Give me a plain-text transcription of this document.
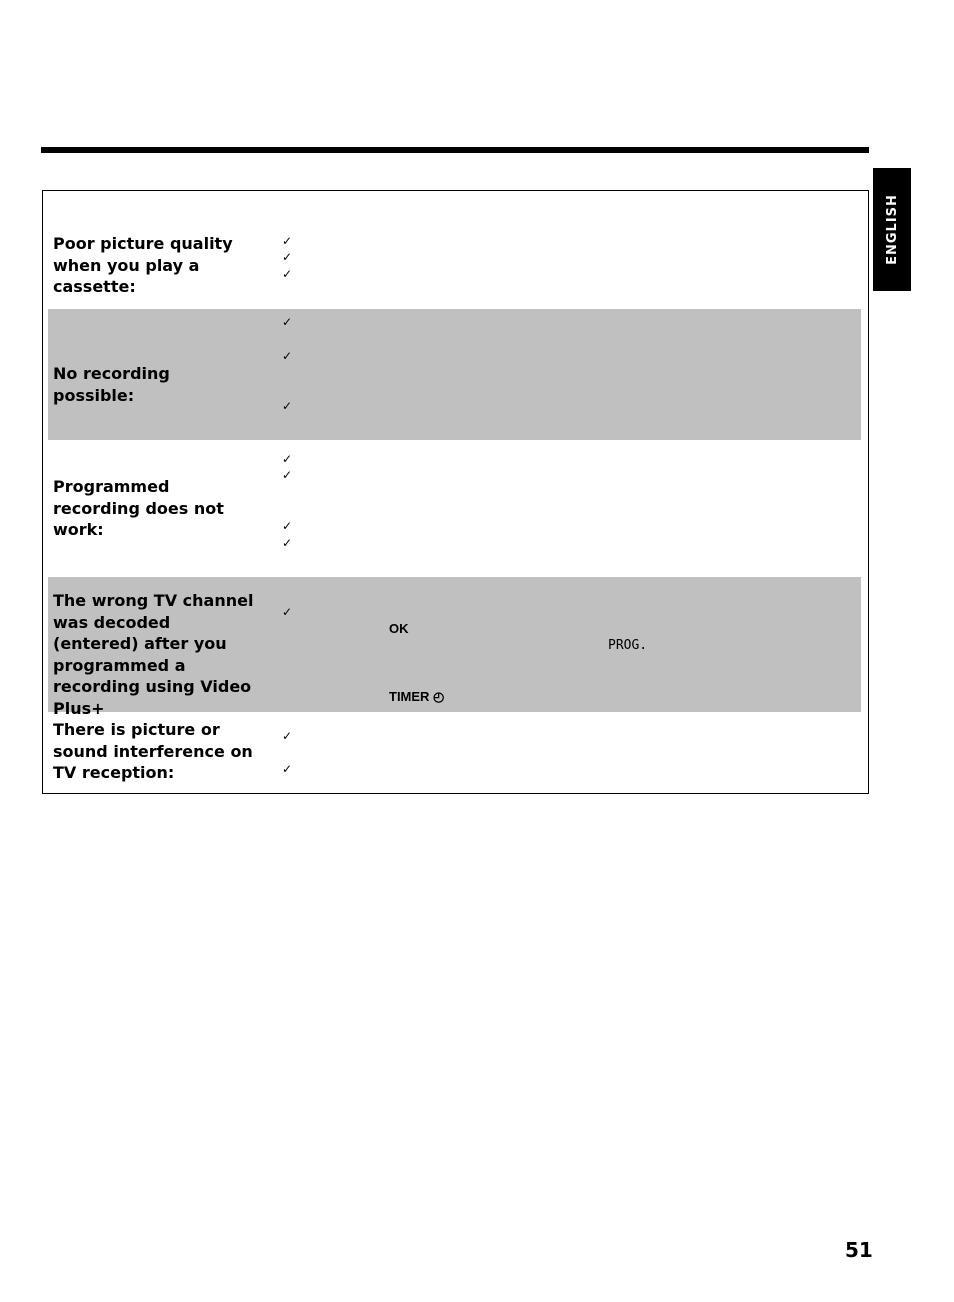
ENGLISH
Poor picture quality when you play a cassette:
✓
✓
✓
No recording possible:
✓
✓
✓
Programmed recording does not work:
✓
✓
✓
✓
The wrong TV channel was decoded (entered) after you programmed a recording using Video Plus+
✓
OK
PROG.
TIMER ◴
There is picture or sound interference on TV reception:
✓
✓
51
